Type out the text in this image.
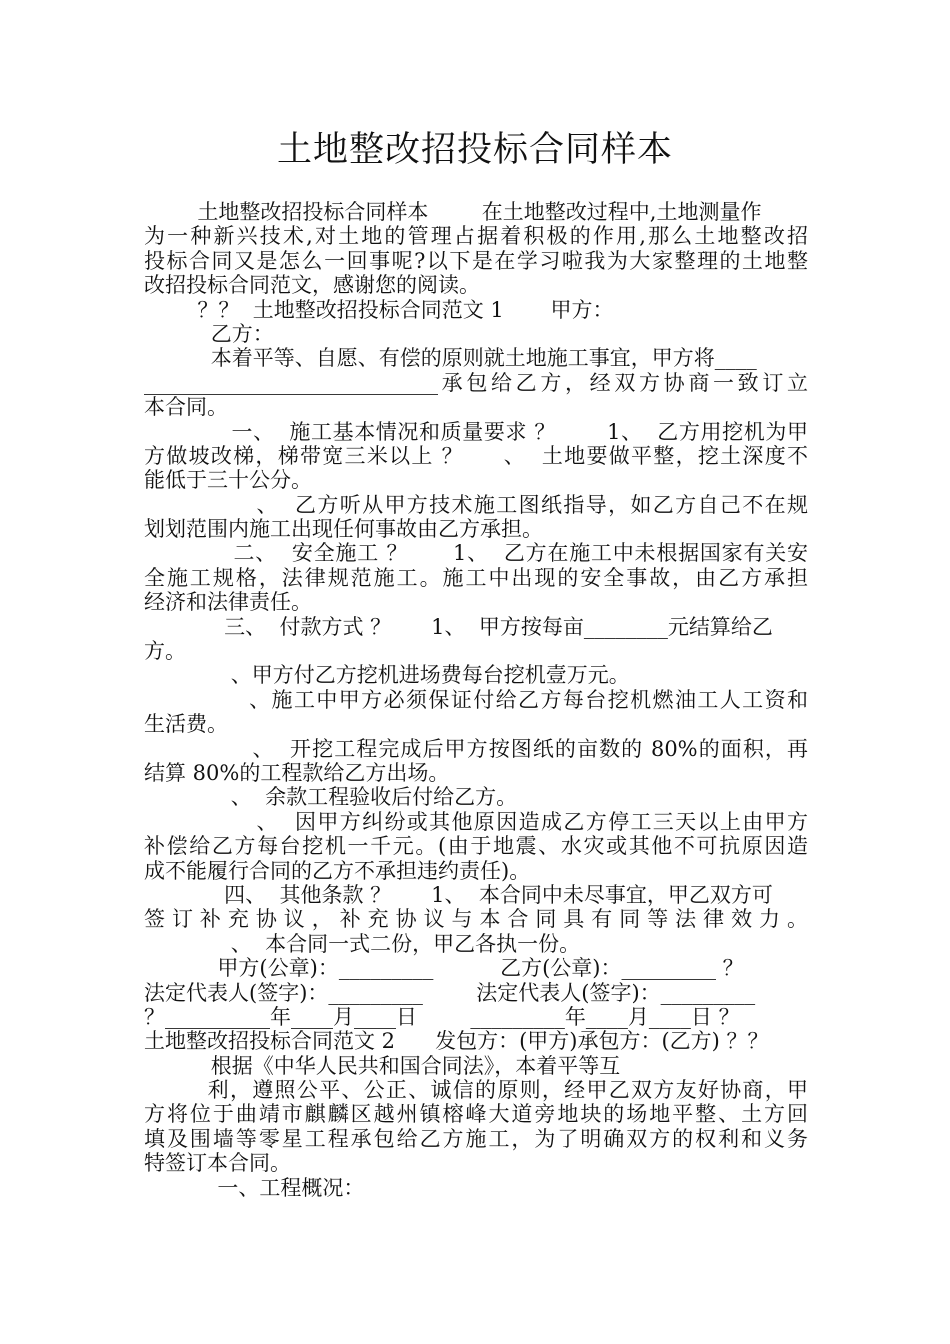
土地整改招投标合同样本
土地整改招投标合同样本        在土地整改过程中,土地测量作
为一种新兴技术,对土地的管理占据着积极的作用,那么土地整改招
投标合同又是怎么一回事呢?以下是在学习啦我为大家整理的土地整
改招投标合同范文，感谢您的阅读。
？？  土地整改招投标合同范文 1       甲方：
乙方：
本着平等、自愿、有偿的原则就土地施工事宜，甲方将____
____________________________承包给乙方，经双方协商一致订立
本合同。
一、  施工基本情况和质量要求 ？       1、  乙方用挖机为甲
方做坡改梯，梯带宽三米以上 ？     、  土地要做平整，挖土深度不
能低于三十公分。
、  乙方听从甲方技术施工图纸指导，如乙方自己不在规
划划范围内施工出现任何事故由乙方承担。
二、  安全施工 ？      1、  乙方在施工中未根据国家有关安
全施工规格，法律规范施工。施工中出现的安全事故，由乙方承担
经济和法律责任。
三、  付款方式 ？      1、  甲方按每亩________元结算给乙
方。
、甲方付乙方挖机进场费每台挖机壹万元。
、施工中甲方必须保证付给乙方每台挖机燃油工人工资和
生活费。
、  开挖工程完成后甲方按图纸的亩数的 80%的面积，再
结算 80%的工程款给乙方出场。
、  余款工程验收后付给乙方。
、  因甲方纠纷或其他原因造成乙方停工三天以上由甲方
补偿给乙方每台挖机一千元。(由于地震、水灾或其他不可抗原因造
成不能履行合同的乙方不承担违约责任)。
四、  其他条款 ？      1、  本合同中未尽事宜，甲乙双方可
签订补充协议，补充协议与本合同具有同等法律效力。
、  本合同一式二份，甲乙各执一份。
甲方(公章)：_________          乙方(公章)：_________ ？
法定代表人(签字)：_________        法定代表人(签字)：_________
？__________年____月____日        _________年____月____日 ？
土地整改招投标合同范文 2      发包方：(甲方)承包方：(乙方) ？？
根据《中华人民共和国合同法》，本着平等互
利，遵照公平、公正、诚信的原则，经甲乙双方友好协商，甲
方将位于曲靖市麒麟区越州镇榕峰大道旁地块的场地平整、土方回
填及围墙等零星工程承包给乙方施工，为了明确双方的权利和义务
特签订本合同。
一、工程概况：
